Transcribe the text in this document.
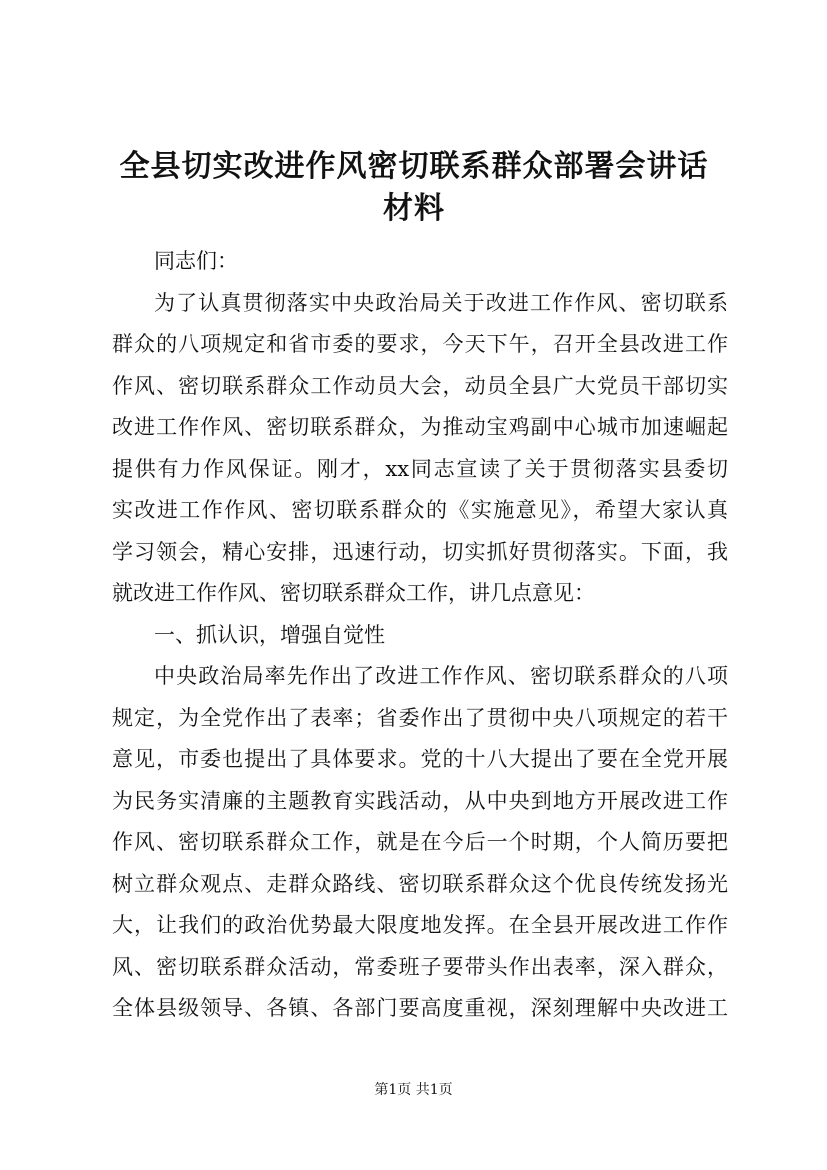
全县切实改进作风密切联系群众部署会讲话材料
同志们：
为了认真贯彻落实中央政治局关于改进工作作风、密切联系
群众的八项规定和省市委的要求，今天下午，召开全县改进工作
作风、密切联系群众工作动员大会，动员全县广大党员干部切实
改进工作作风、密切联系群众，为推动宝鸡副中心城市加速崛起
提供有力作风保证。刚才，xx同志宣读了关于贯彻落实县委切
实改进工作作风、密切联系群众的《实施意见》，希望大家认真
学习领会，精心安排，迅速行动，切实抓好贯彻落实。下面，我
就改进工作作风、密切联系群众工作，讲几点意见：
一、抓认识，增强自觉性
中央政治局率先作出了改进工作作风、密切联系群众的八项
规定，为全党作出了表率；省委作出了贯彻中央八项规定的若干
意见，市委也提出了具体要求。党的十八大提出了要在全党开展
为民务实清廉的主题教育实践活动，从中央到地方开展改进工作
作风、密切联系群众工作，就是在今后一个时期，个人简历要把
树立群众观点、走群众路线、密切联系群众这个优良传统发扬光
大，让我们的政治优势最大限度地发挥。在全县开展改进工作作
风、密切联系群众活动，常委班子要带头作出表率，深入群众，
全体县级领导、各镇、各部门要高度重视，深刻理解中央改进工
第1页 共1页
